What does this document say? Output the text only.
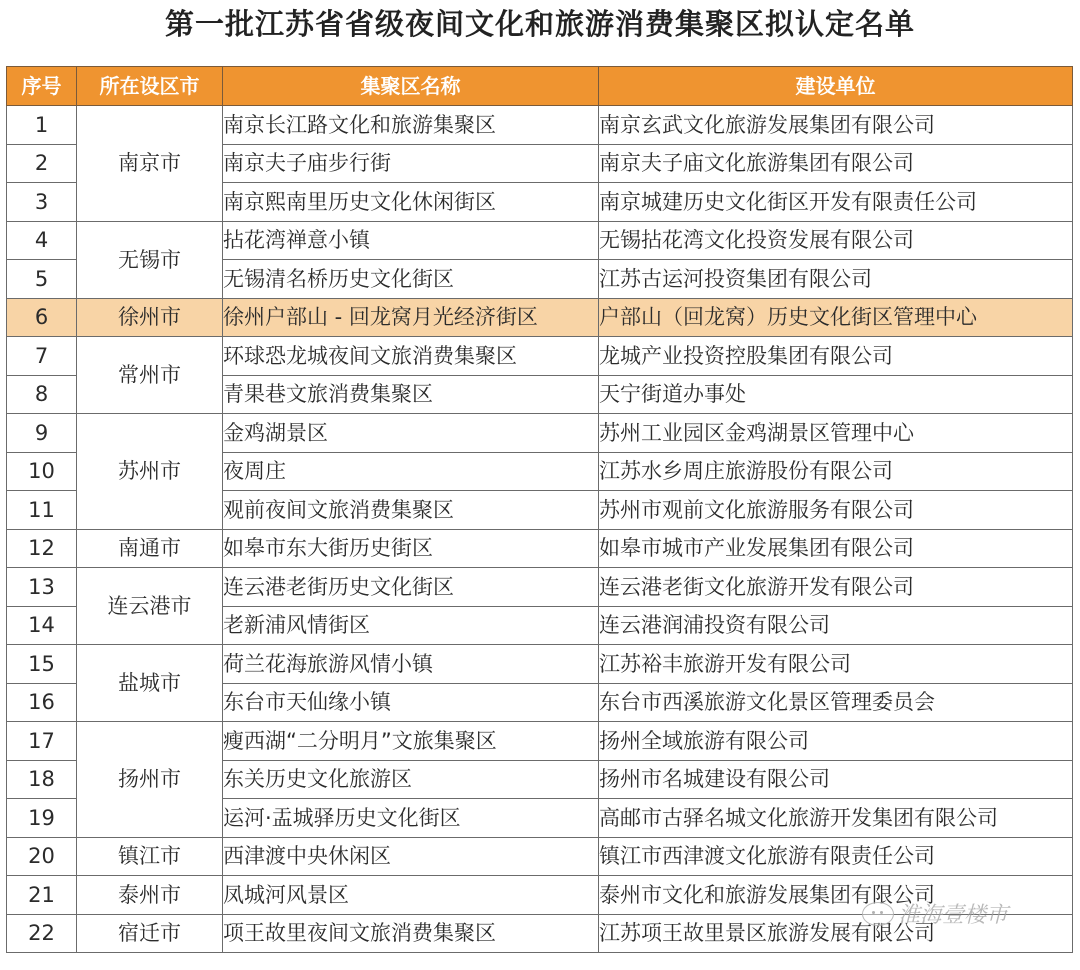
第一批江苏省省级夜间文化和旅游消费集聚区拟认定名单
序号	所在设区市	集聚区名称	建设单位
1	南京市	南京长江路文化和旅游集聚区	南京玄武文化旅游发展集团有限公司
2		南京夫子庙步行街	南京夫子庙文化旅游集团有限公司
3		南京熙南里历史文化休闲街区	南京城建历史文化街区开发有限责任公司
4	无锡市	拈花湾禅意小镇	无锡拈花湾文化投资发展有限公司
5		无锡清名桥历史文化街区	江苏古运河投资集团有限公司
6	徐州市	徐州户部山 - 回龙窝月光经济街区	户部山（回龙窝）历史文化街区管理中心
7	常州市	环球恐龙城夜间文旅消费集聚区	龙城产业投资控股集团有限公司
8		青果巷文旅消费集聚区	天宁街道办事处
9	苏州市	金鸡湖景区	苏州工业园区金鸡湖景区管理中心
10		夜周庄	江苏水乡周庄旅游股份有限公司
11		观前夜间文旅消费集聚区	苏州市观前文化旅游服务有限公司
12	南通市	如皋市东大街历史街区	如皋市城市产业发展集团有限公司
13	连云港市	连云港老街历史文化街区	连云港老街文化旅游开发有限公司
14		老新浦风情街区	连云港润浦投资有限公司
15	盐城市	荷兰花海旅游风情小镇	江苏裕丰旅游开发有限公司
16		东台市天仙缘小镇	东台市西溪旅游文化景区管理委员会
17	扬州市	瘦西湖“二分明月”文旅集聚区	扬州全域旅游有限公司
18		东关历史文化旅游区	扬州市名城建设有限公司
19		运河·盂城驿历史文化街区	高邮市古驿名城文化旅游开发集团有限公司
20	镇江市	西津渡中央休闲区	镇江市西津渡文化旅游有限责任公司
21	泰州市	凤城河风景区	泰州市文化和旅游发展集团有限公司
22	宿迁市	项王故里夜间文旅消费集聚区	江苏项王故里景区旅游发展有限公司
淮海壹楼市
